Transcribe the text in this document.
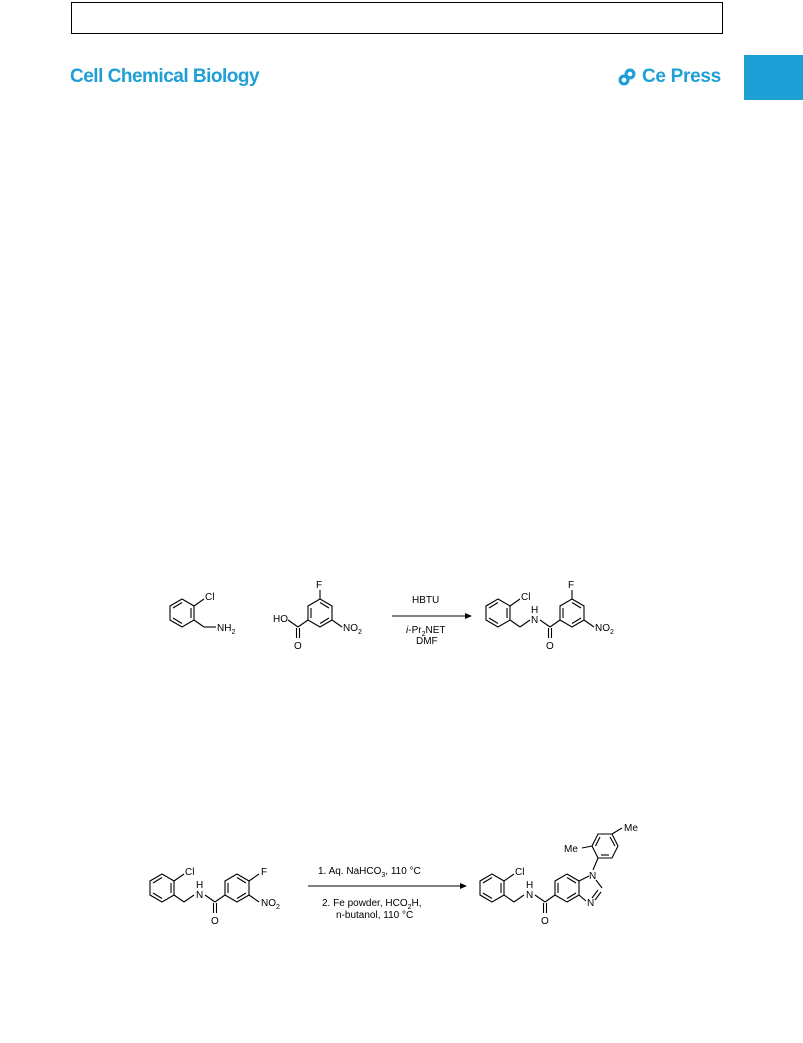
Cell Chemical Biology	Ce Press
Cl
$NH_2$
F
$NO_2$
HO
O
HBTU
$i-Pr_2NET$
DMF
Cl
H
N
O
F
$NO_2$
Cl
H
N
O
F
$NO_2$
1. Aq. NaHCO$_3$, 110 °C
2. Fe powder, $HCO_2H$,
n-butanol, 110 °C
Cl
H
N
O
N
N
Me
Me
